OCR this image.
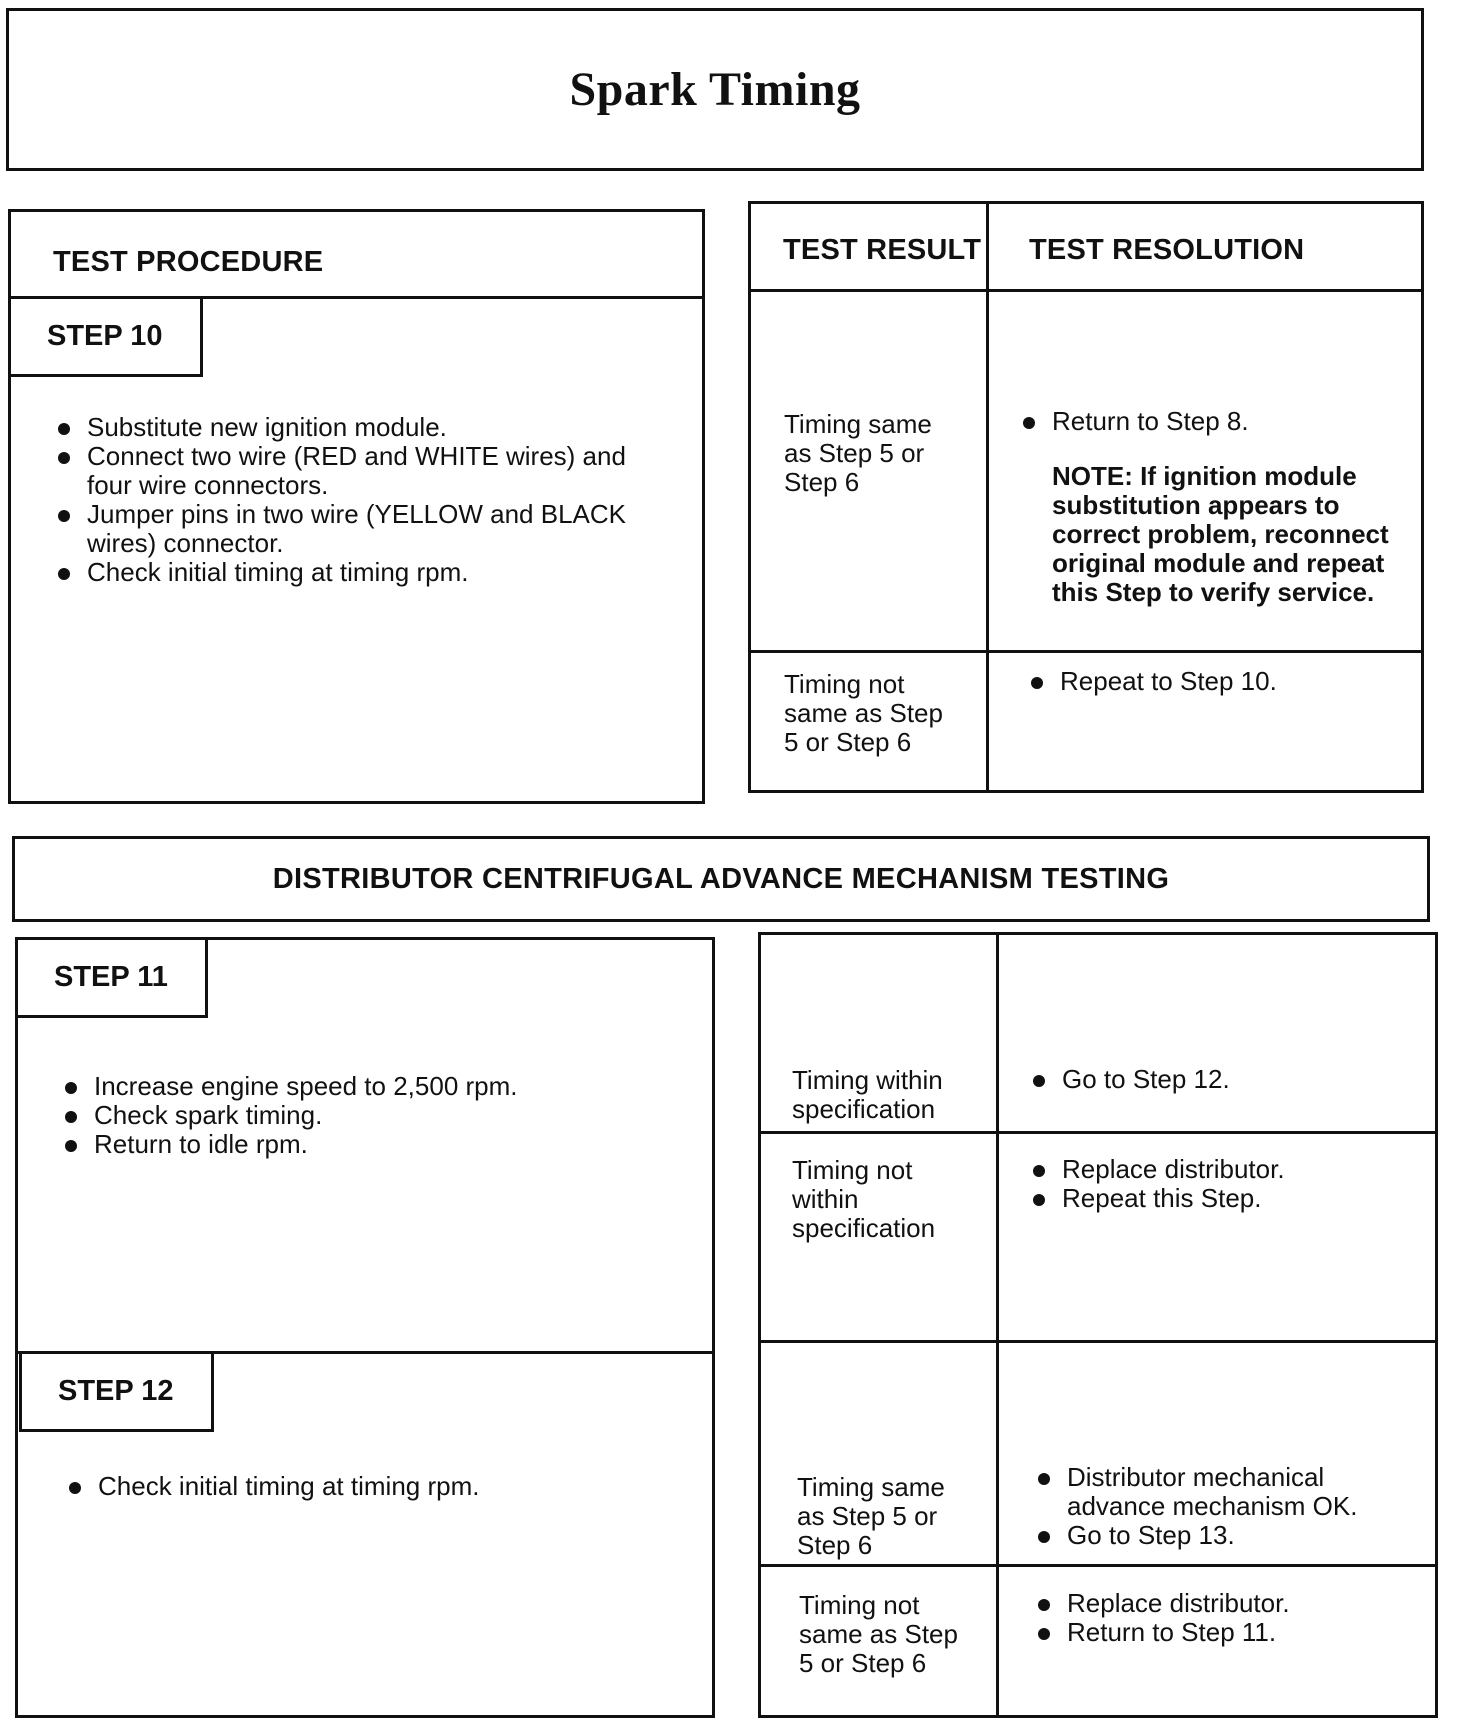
Spark Timing
TEST PROCEDURE
STEP 10
Substitute new ignition module.
Connect two wire (RED and WHITE wires) and four wire connectors.
Jumper pins in two wire (YELLOW and BLACK wires) connector.
Check initial timing at timing rpm.
TEST RESULT TEST RESOLUTION
Timing same as Step 5 or Step 6
Return to Step 8.
NOTE: If ignition module substitution appears to correct problem, reconnect original module and repeat this Step to verify service.
Timing not same as Step 5 or Step 6
Repeat to Step 10.
DISTRIBUTOR CENTRIFUGAL ADVANCE MECHANISM TESTING
STEP 11
Increase engine speed to 2,500 rpm.
Check spark timing.
Return to idle rpm.
STEP 12
Check initial timing at timing rpm.
Timing within specification
Go to Step 12.
Timing not within specification
Replace distributor.
Repeat this Step.
Timing same as Step 5 or Step 6
Distributor mechanical advance mechanism OK.
Go to Step 13.
Timing not same as Step 5 or Step 6
Replace distributor.
Return to Step 11.
